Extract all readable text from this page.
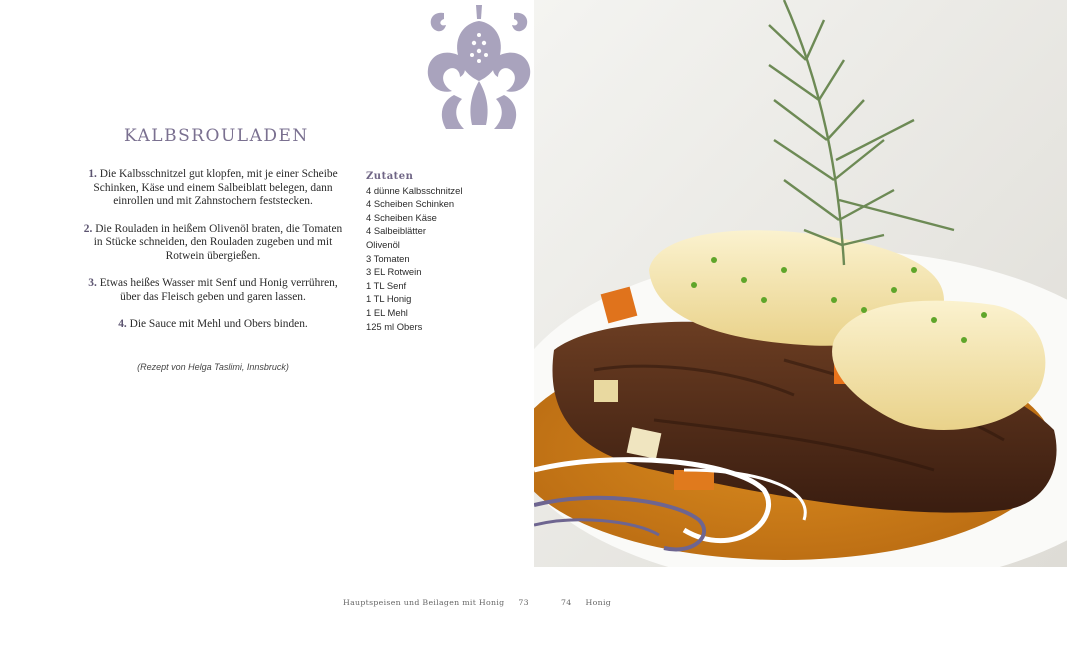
KALBSROULADEN

1. Die Kalbsschnitzel gut klopfen, mit je einer Scheibe Schinken, Käse und einem Salbeiblatt belegen, dann einrollen und mit Zahnstochern feststecken.

2. Die Rouladen in heißem Olivenöl braten, die Tomaten in Stücke schneiden, den Rouladen zugeben und mit Rotwein übergießen.

3. Etwas heißes Wasser mit Senf und Honig verrühren, über das Fleisch geben und garen lassen.

4. Die Sauce mit Mehl und Obers binden.

(Rezept von Helga Taslimi, Innsbruck)
Zutaten
4 dünne Kalbsschnitzel
4 Scheiben Schinken
4 Scheiben Käse
4 Salbeiblätter
Olivenöl
3 Tomaten
3 EL Rotwein
1 TL Senf
1 TL Honig
1 EL Mehl
125 ml Obers
Hauptspeisen und Beilagen mit Honig 73	74 Honig
